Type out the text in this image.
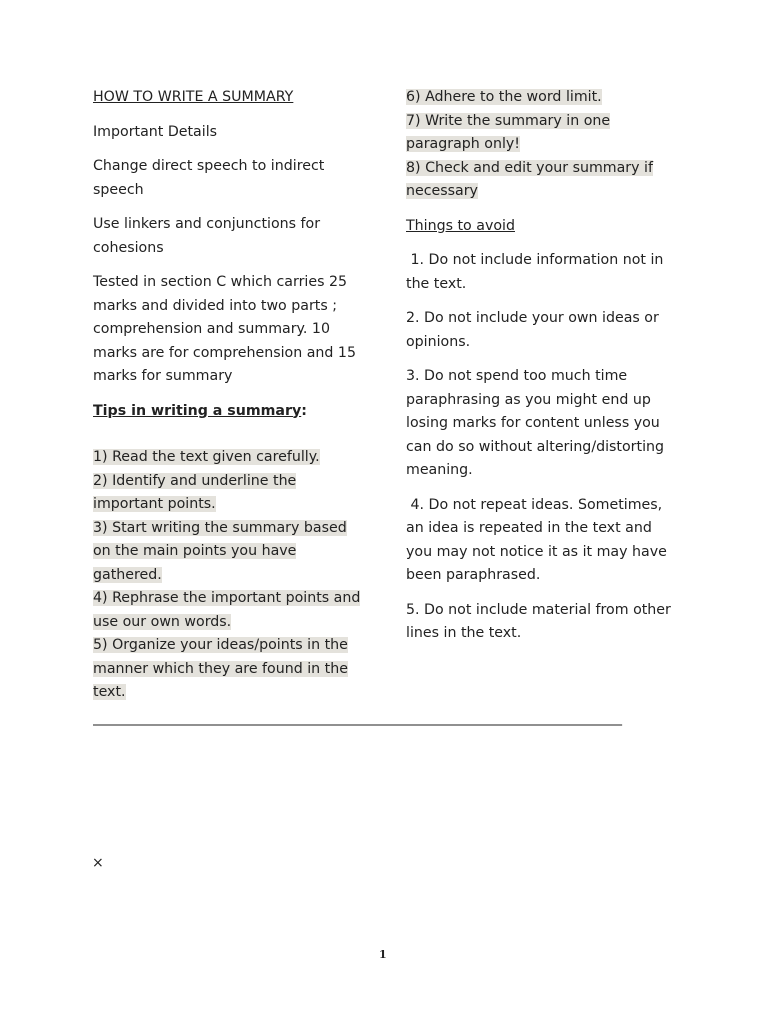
HOW TO WRITE A SUMMARY
Important Details
Change direct speech to indirect speech
Use linkers and conjunctions for cohesions
Tested in section C which carries 25 marks and divided into two parts ; comprehension and summary. 10 marks are for comprehension and 15 marks for summary
Tips in writing a summary:
1) Read the text given carefully.
2) Identify and underline the important points.
3) Start writing the summary based on the main points you have gathered.
4) Rephrase the important points and use our own words.
5) Organize your ideas/points in the manner which they are found in the text.
6) Adhere to the word limit.
7) Write the summary in one paragraph only!
8) Check and edit your summary if necessary
Things to avoid
1. Do not include information not in the text.
2. Do not include your own ideas or opinions.
3. Do not spend too much time paraphrasing as you might end up losing marks for content unless you can do so without altering/distorting meaning.
4. Do not repeat ideas. Sometimes, an idea is repeated in the text and you may not notice it as it may have been paraphrased.
5. Do not include material from other lines in the text.
________________________________________________________________________________________
×
1
